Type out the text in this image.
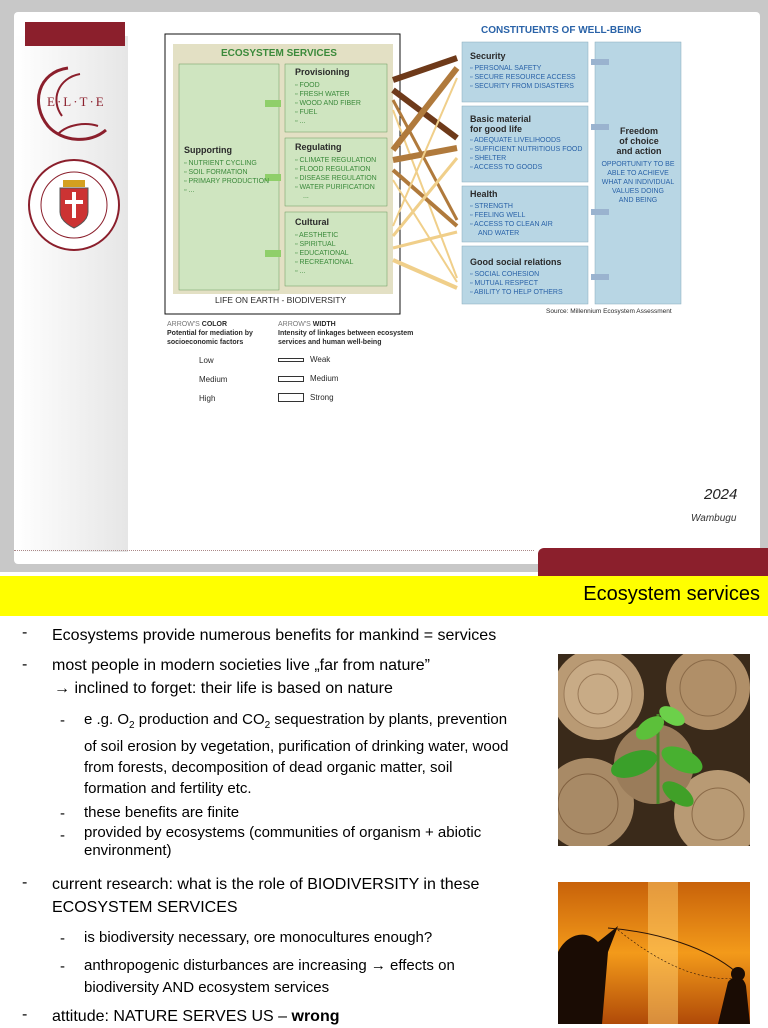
E·L·T·E
ECOSYSTEM SERVICES
CONSTITUENTS OF WELL-BEING
Supporting
▫ NUTRIENT CYCLING
▫ SOIL FORMATION
▫ PRIMARY PRODUCTION
▫ ...
Provisioning
▫ FOOD
▫ FRESH WATER
▫ WOOD AND FIBER
▫ FUEL
▫ ...
Regulating
▫ CLIMATE REGULATION
▫ FLOOD REGULATION
▫ DISEASE REGULATION
▫ WATER PURIFICATION
...
Cultural
▫ AESTHETIC
▫ SPIRITUAL
▫ EDUCATIONAL
▫ RECREATIONAL
▫ ...
LIFE ON EARTH - BIODIVERSITY
Security
▫ PERSONAL SAFETY
▫ SECURE RESOURCE ACCESS
▫ SECURITY FROM DISASTERS
Basic material
for good life
▫ ADEQUATE LIVELIHOODS
▫ SUFFICIENT NUTRITIOUS FOOD
▫ SHELTER
▫ ACCESS TO GOODS
Health
▫ STRENGTH
▫ FEELING WELL
▫ ACCESS TO CLEAN AIR
AND WATER
Good social relations
▫ SOCIAL COHESION
▫ MUTUAL RESPECT
▫ ABILITY TO HELP OTHERS
Freedom
of choice
and action
OPPORTUNITY TO BE
ABLE TO ACHIEVE
WHAT AN INDIVIDUAL
VALUES DOING
AND BEING
Source: Millennium Ecosystem Assessment
ARROW'S COLOR
Potential for mediation by
socioeconomic factors
ARROW'S WIDTH
Intensity of linkages between ecosystem
services and human well-being
Low
Medium
High
Weak
Medium
Strong
2024
Wambugu
Ecosystem services
- Ecosystems provide numerous benefits for mankind = services
- most people in modern societies live „far from nature”
→ inclined to forget: their life is based on nature
- e .g. $O_2$ production and $CO_2$ sequestration by plants, prevention
of soil erosion by vegetation, purification of drinking water, wood
from forests, decomposition of dead organic matter, soil
formation and fertility etc.
- these benefits are finite
- provided by ecosystems (communities of organism + abiotic
environment)
- current research: what is the role of BIODIVERSITY in these
ECOSYSTEM SERVICES
- is biodiversity necessary, ore monocultures enough?
- anthropogenic disturbances are increasing → effects on
biodiversity AND ecosystem services
- attitude: NATURE SERVES US – wrong
